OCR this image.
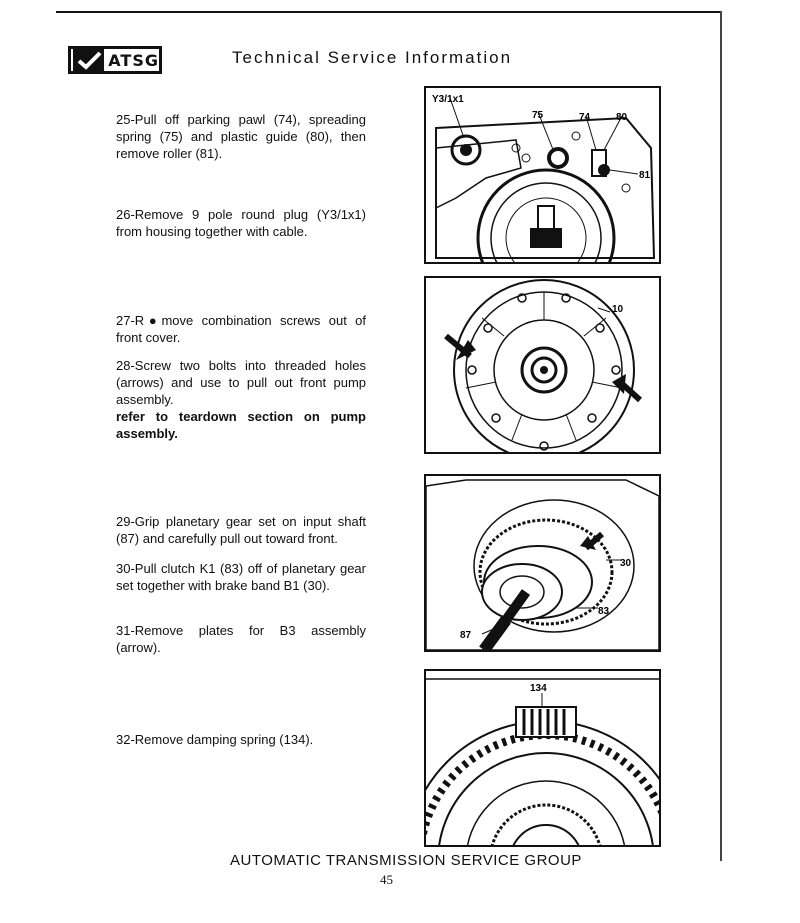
ATSG	Technical Service Information
25-Pull off parking pawl (74), spreading spring (75) and plastic guide (80), then remove roller (81).
26-Remove 9 pole round plug (Y3/1x1) from housing together with cable.
27-R●move combination screws out of front cover.
28-Screw two bolts into threaded holes (arrows) and use to pull out front pump assembly.
refer to teardown section on pump assembly.
29-Grip planetary gear set on input shaft (87) and carefully pull out toward front.
30-Pull clutch K1 (83) off of planetary gear set together with brake band B1 (30).
31-Remove plates for B3 assembly (arrow).
32-Remove damping spring (134).
Y3/1x1
75	74	80
81
10
30
83
87
134
AUTOMATIC TRANSMISSION SERVICE GROUP
45
